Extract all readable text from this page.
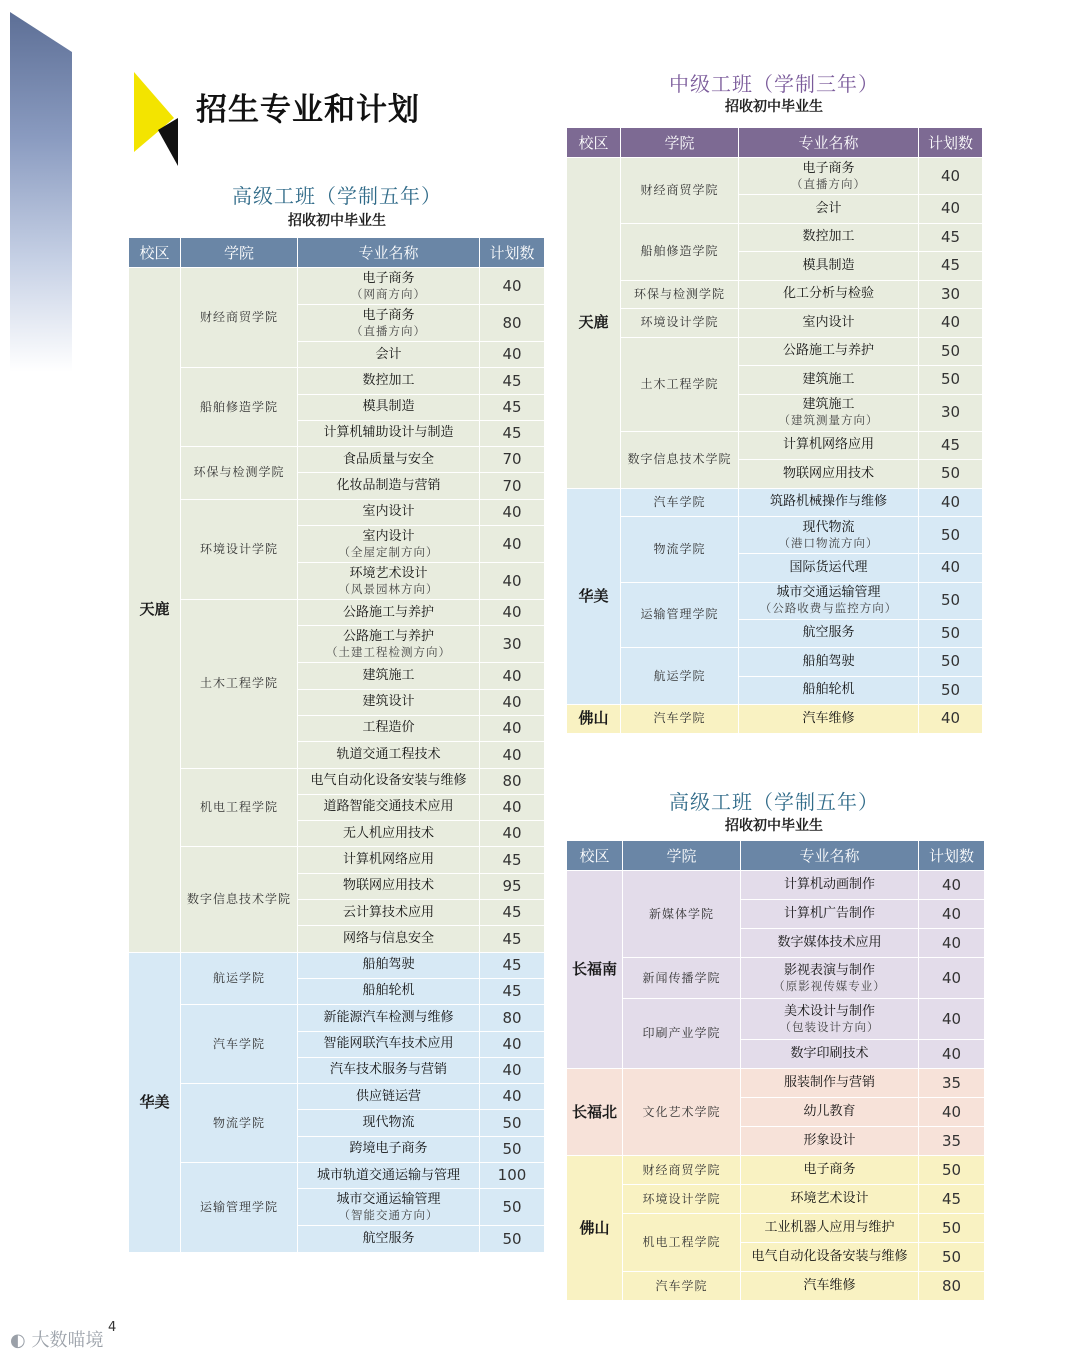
招生专业和计划
高级工班（学制五年）
招收初中毕业生
校区	学院	专业名称	计划数
天鹿	财经商贸学院	电子商务
（网商方向）	40
		电子商务
（直播方向）	80
		会计	40
	船舶修造学院	数控加工	45
		模具制造	45
		计算机辅助设计与制造	45
	环保与检测学院	食品质量与安全	70
		化妆品制造与营销	70
	环境设计学院	室内设计	40
		室内设计
（全屋定制方向）	40
		环境艺术设计
（风景园林方向）	40
	土木工程学院	公路施工与养护	40
		公路施工与养护
（土建工程检测方向）	30
		建筑施工	40
		建筑设计	40
		工程造价	40
		轨道交通工程技术	40
	机电工程学院	电气自动化设备安装与维修	80
		道路智能交通技术应用	40
		无人机应用技术	40
	数字信息技术学院	计算机网络应用	45
		物联网应用技术	95
		云计算技术应用	45
		网络与信息安全	45
华美	航运学院	船舶驾驶	45
		船舶轮机	45
	汽车学院	新能源汽车检测与维修	80
		智能网联汽车技术应用	40
		汽车技术服务与营销	40
	物流学院	供应链运营	40
		现代物流	50
		跨境电子商务	50
	运输管理学院	城市轨道交通运输与管理	100
		城市交通运输管理
（智能交通方向）	50
		航空服务	50
中级工班（学制三年）
招收初中毕业生
校区	学院	专业名称	计划数
天鹿	财经商贸学院	电子商务
（直播方向）	40
		会计	40
	船舶修造学院	数控加工	45
		模具制造	45
	环保与检测学院	化工分析与检验	30
	环境设计学院	室内设计	40
	土木工程学院	公路施工与养护	50
		建筑施工	50
		建筑施工
（建筑测量方向）	30
	数字信息技术学院	计算机网络应用	45
		物联网应用技术	50
华美	汽车学院	筑路机械操作与维修	40
	物流学院	现代物流
（港口物流方向）	50
		国际货运代理	40
	运输管理学院	城市交通运输管理
（公路收费与监控方向）	50
		航空服务	50
	航运学院	船舶驾驶	50
		船舶轮机	50
佛山	汽车学院	汽车维修	40
高级工班（学制五年）
招收初中毕业生
校区	学院	专业名称	计划数
长福南	新媒体学院	计算机动画制作	40
		计算机广告制作	40
		数字媒体技术应用	40
	新闻传播学院	影视表演与制作
（原影视传媒专业）	40
	印刷产业学院	美术设计与制作
（包装设计方向）	40
		数字印刷技术	40
长福北	文化艺术学院	服装制作与营销	35
		幼儿教育	40
		形象设计	35
佛山	财经商贸学院	电子商务	50
	环境设计学院	环境艺术设计	45
	机电工程学院	工业机器人应用与维护	50
		电气自动化设备安装与维修	50
	汽车学院	汽车维修	80
4
◐ 大数喵境
